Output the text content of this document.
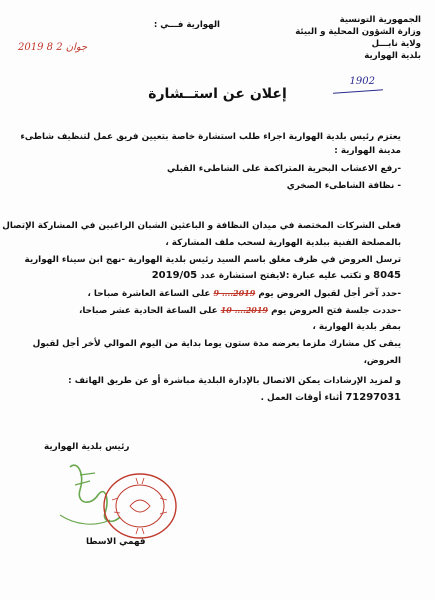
الجمهورية التونسية
وزارة الشؤون المحلية و البيئة
ولاية نابـــل
بلدية الهوارية
الهوارية فـــي :
2019 جوان 2 8
1902
إعلان عن استــشارة
يعتزم رئيس بلدية الهوارية اجراء طلب استشارة خاصة بتعيين فريق عمل لتنظيف شاطىء
مدينة الهوارية :
-رفع الاعشاب البحرية المتراكمة على الشاطىء القبلي
- نظافة الشاطىء الصخري
فعلى الشركات المختصة في ميدان النظافة و الباعثين الشبان الراغبين في المشاركة الإتصال
بالمصلحة الفنية ببلدية الهوارية لسحب ملف المشاركة ،
ترسل العروض في ظرف مغلق باسم السيد رئيس بلدية الهوارية -نهج ابن سيناء الهوارية
8045 و تكتب عليه عبارة :لايفتح استشارة عدد 2019/05
-حدد آخر أجل لقبول العروض يوم 9 ....2019 على الساعة العاشرة صباحا ،
-حددت جلسة فتح العروض يوم 10 ....2019 على الساعة الحادية عشر صباحا،
بمقر بلدية الهوارية ،
يبقى كل مشارك ملزما بعرضه مدة ستون يوما بداية من اليوم الموالي لأخر أجل لقبول
العروض،
و لمزيد الإرشادات يمكن الاتصال بالإدارة البلدية مباشرة أو عن طريق الهاتف :
71297031 أثناء أوقات العمل .
رئيس بلدية الهوارية
فهمي الاسطا
